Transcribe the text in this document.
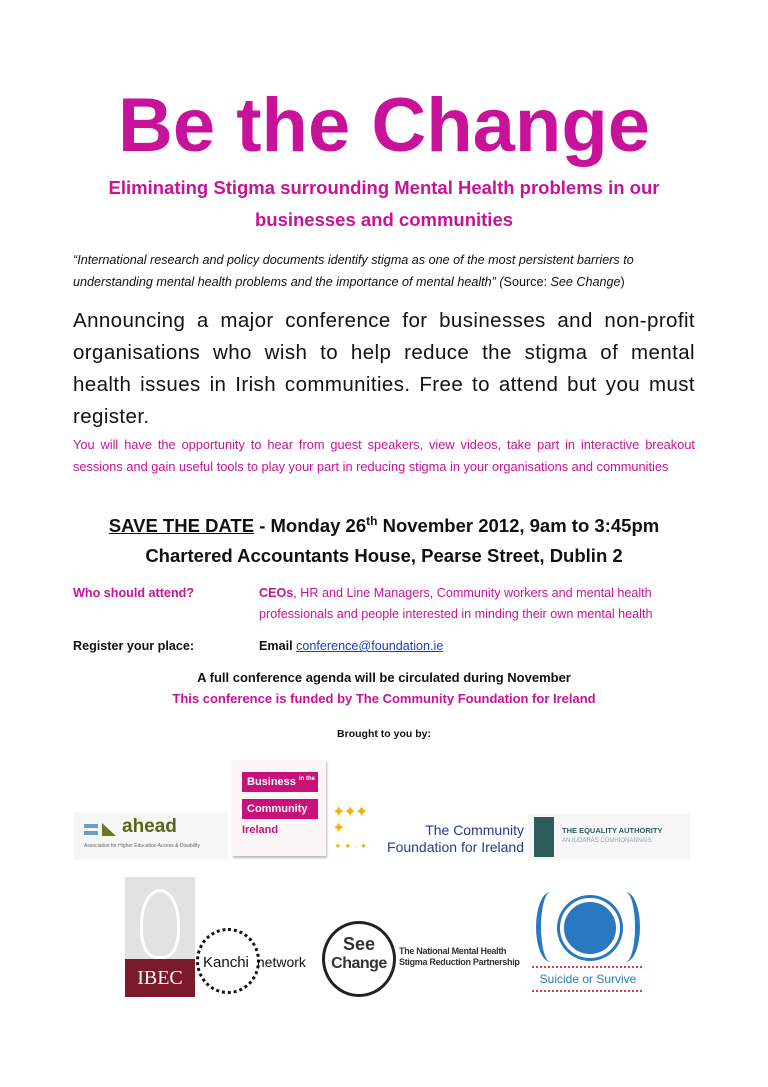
Be the Change
Eliminating Stigma surrounding Mental Health problems in our
businesses and communities
“International research and policy documents identify stigma as one of the most persistent barriers to
understanding mental health problems and the importance of mental health” (Source: See Change)
Announcing a major conference for businesses and non-profit organisations who wish to help reduce the stigma of mental health issues in Irish communities. Free to attend but you must register.
You will have the opportunity to hear from guest speakers, view videos, take part in interactive breakout sessions and gain useful tools to play your part in reducing stigma in your organisations and communities
SAVE THE DATE - Monday 26th November 2012, 9am to 3:45pm
Chartered Accountants House, Pearse Street, Dublin 2
Who should attend?	CEOs, HR and Line Managers, Community workers and mental health
professionals and people interested in minding their own mental health
Register your place:	Email conference@foundation.ie
A full conference agenda will be circulated during November
This conference is funded by The Community Foundation for Ireland
Brought to you by:
ahead
Association for Higher Education Access & Disability
Business $^{in the}$
Community
Ireland
✦✦✦✦
✦ ✦ · ✦
The Community
Foundation for Ireland
THE EQUALITY AUTHORITY
AN tÚDARÁS COMHIONANNAIS
IBEC
Kanchi network
See
Change
The National Mental Health
Stigma Reduction Partnership
Suicide or Survive
